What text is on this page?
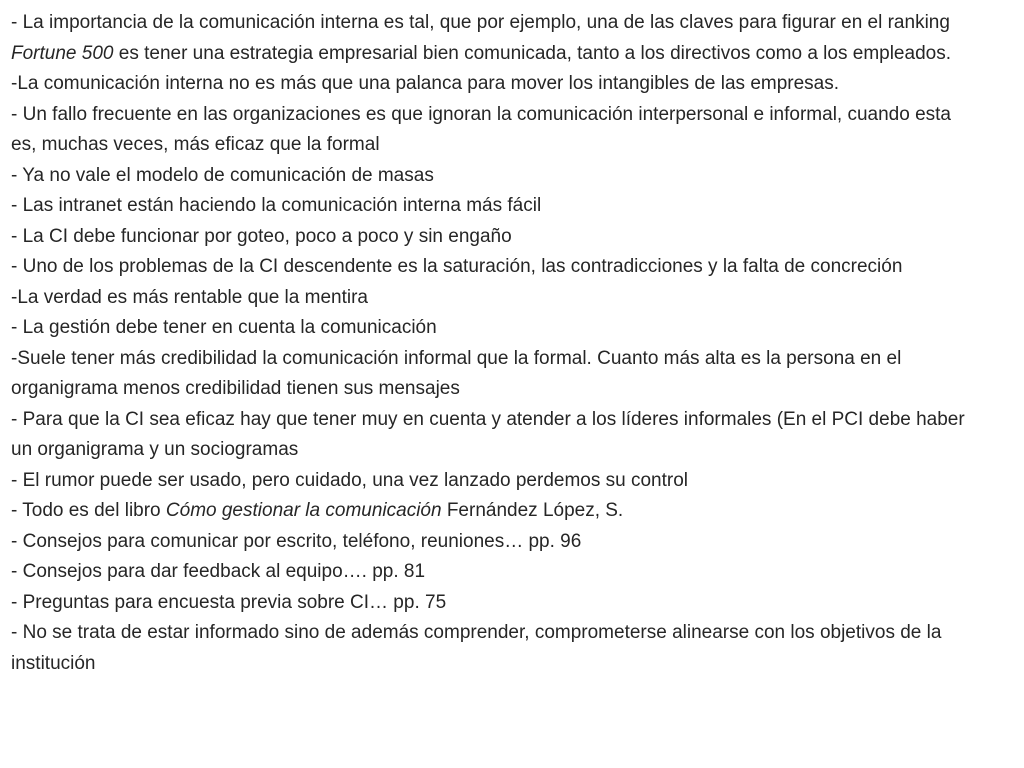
- La importancia de la comunicación interna es tal, que por ejemplo, una de las claves para figurar en el ranking Fortune 500 es tener una estrategia empresarial bien comunicada, tanto a los directivos como a los empleados.
-La comunicación interna no es más que una palanca para mover los intangibles de las empresas.
- Un fallo frecuente en las organizaciones es que ignoran la comunicación interpersonal e informal, cuando esta es, muchas veces, más eficaz que la formal
- Ya no vale el modelo de comunicación de masas
- Las intranet están haciendo la comunicación interna más fácil
- La CI debe funcionar por goteo, poco a poco y sin engaño
- Uno de los problemas de la CI descendente es la saturación, las contradicciones y la falta de concreción
-La verdad es más rentable que la mentira
- La gestión debe tener en cuenta la comunicación
-Suele tener más credibilidad la comunicación informal que la formal. Cuanto más alta es la persona en el organigrama menos credibilidad tienen sus mensajes
- Para que la CI sea eficaz hay que tener muy en cuenta y atender a los líderes informales (En el PCI debe haber un organigrama y un sociogramas
- El rumor puede ser usado, pero cuidado, una vez lanzado perdemos su control
- Todo es del libro Cómo gestionar la comunicación Fernández López, S.
- Consejos para comunicar por escrito, teléfono, reuniones… pp. 96
- Consejos para dar feedback al equipo…. pp. 81
- Preguntas para encuesta previa sobre CI… pp. 75
- No se trata de estar informado sino de además comprender, comprometerse alinearse con los objetivos de la institución
